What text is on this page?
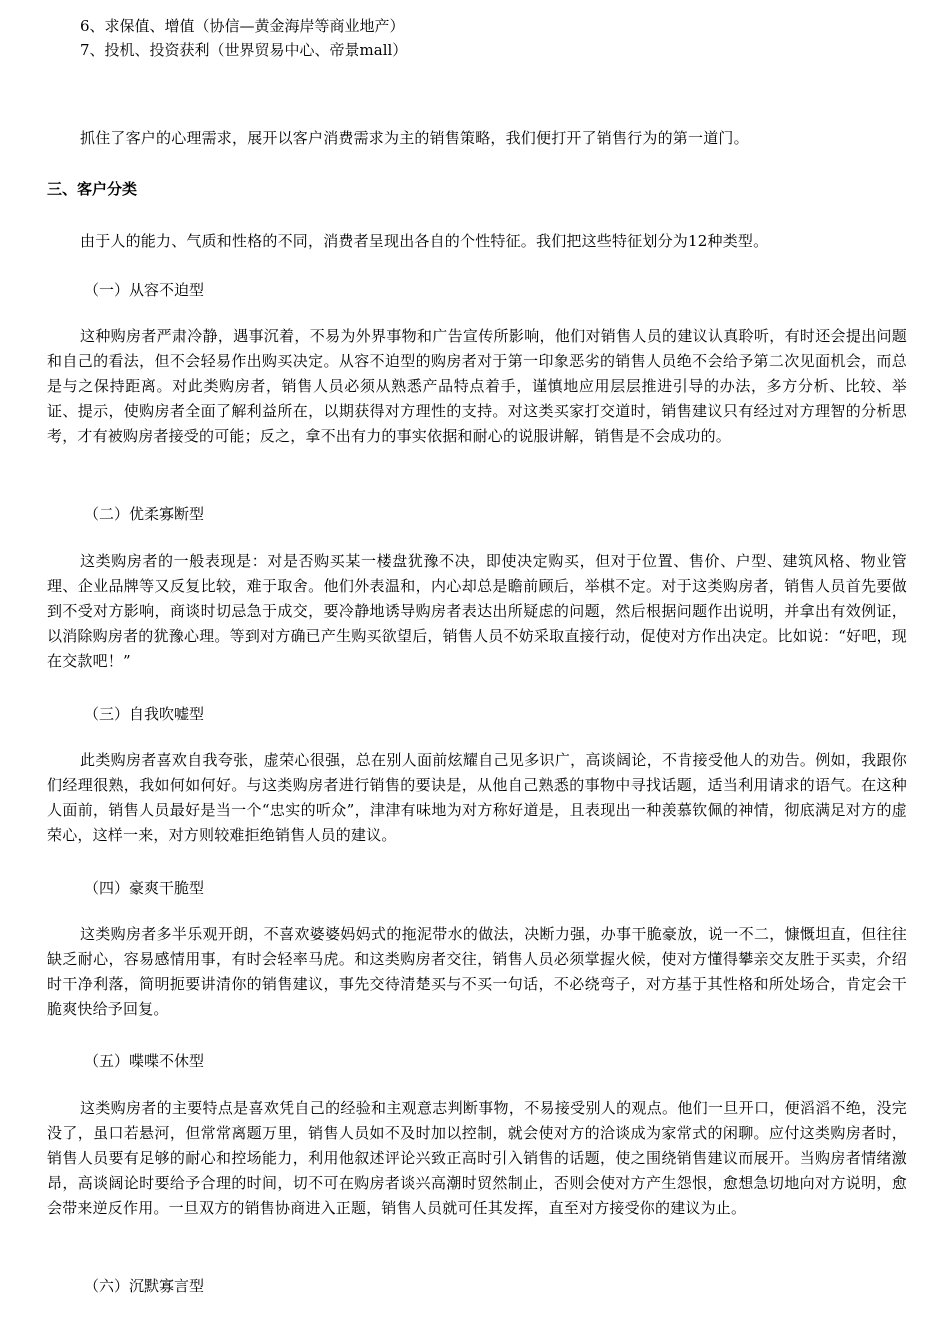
6、求保值、增值（协信—黄金海岸等商业地产）
7、投机、投资获利（世界贸易中心、帝景mall）

抓住了客户的心理需求，展开以客户消费需求为主的销售策略，我们便打开了销售行为的第一道门。

三、客户分类

由于人的能力、气质和性格的不同，消费者呈现出各自的个性特征。我们把这些特征划分为12种类型。

（一）从容不迫型

这种购房者严肃冷静，遇事沉着，不易为外界事物和广告宣传所影响，他们对销售人员的建议认真聆听，有时还会提出问题和自己的看法，但不会轻易作出购买决定。从容不迫型的购房者对于第一印象恶劣的销售人员绝不会给予第二次见面机会，而总是与之保持距离。对此类购房者，销售人员必须从熟悉产品特点着手，谨慎地应用层层推进引导的办法，多方分析、比较、举证、提示，使购房者全面了解利益所在，以期获得对方理性的支持。对这类买家打交道时，销售建议只有经过对方理智的分析思考，才有被购房者接受的可能；反之，拿不出有力的事实依据和耐心的说服讲解，销售是不会成功的。

（二）优柔寡断型

这类购房者的一般表现是：对是否购买某一楼盘犹豫不决，即使决定购买，但对于位置、售价、户型、建筑风格、物业管理、企业品牌等又反复比较，难于取舍。他们外表温和，内心却总是瞻前顾后，举棋不定。对于这类购房者，销售人员首先要做到不受对方影响，商谈时切忌急于成交，要冷静地诱导购房者表达出所疑虑的问题，然后根据问题作出说明，并拿出有效例证，以消除购房者的犹豫心理。等到对方确已产生购买欲望后，销售人员不妨采取直接行动，促使对方作出决定。比如说：“好吧，现在交款吧！”

（三）自我吹嘘型

此类购房者喜欢自我夸张，虚荣心很强，总在别人面前炫耀自己见多识广，高谈阔论，不肯接受他人的劝告。例如，我跟你们经理很熟，我如何如何好。与这类购房者进行销售的要诀是，从他自己熟悉的事物中寻找话题，适当利用请求的语气。在这种人面前，销售人员最好是当一个“忠实的听众”，津津有味地为对方称好道是，且表现出一种羡慕钦佩的神情，彻底满足对方的虚荣心，这样一来，对方则较难拒绝销售人员的建议。

（四）豪爽干脆型

这类购房者多半乐观开朗，不喜欢婆婆妈妈式的拖泥带水的做法，决断力强，办事干脆豪放，说一不二，慷慨坦直，但往往缺乏耐心，容易感情用事，有时会轻率马虎。和这类购房者交往，销售人员必须掌握火候，使对方懂得攀亲交友胜于买卖，介绍时干净利落，简明扼要讲清你的销售建议，事先交待清楚买与不买一句话，不必绕弯子，对方基于其性格和所处场合，肯定会干脆爽快给予回复。

（五）喋喋不休型

这类购房者的主要特点是喜欢凭自己的经验和主观意志判断事物，不易接受别人的观点。他们一旦开口，便滔滔不绝，没完没了，虽口若悬河，但常常离题万里，销售人员如不及时加以控制，就会使对方的洽谈成为家常式的闲聊。应付这类购房者时，销售人员要有足够的耐心和控场能力，利用他叙述评论兴致正高时引入销售的话题，使之围绕销售建议而展开。当购房者情绪激昂，高谈阔论时要给予合理的时间，切不可在购房者谈兴高潮时贸然制止，否则会使对方产生怨恨，愈想急切地向对方说明，愈会带来逆反作用。一旦双方的销售协商进入正题，销售人员就可任其发挥，直至对方接受你的建议为止。

（六）沉默寡言型
